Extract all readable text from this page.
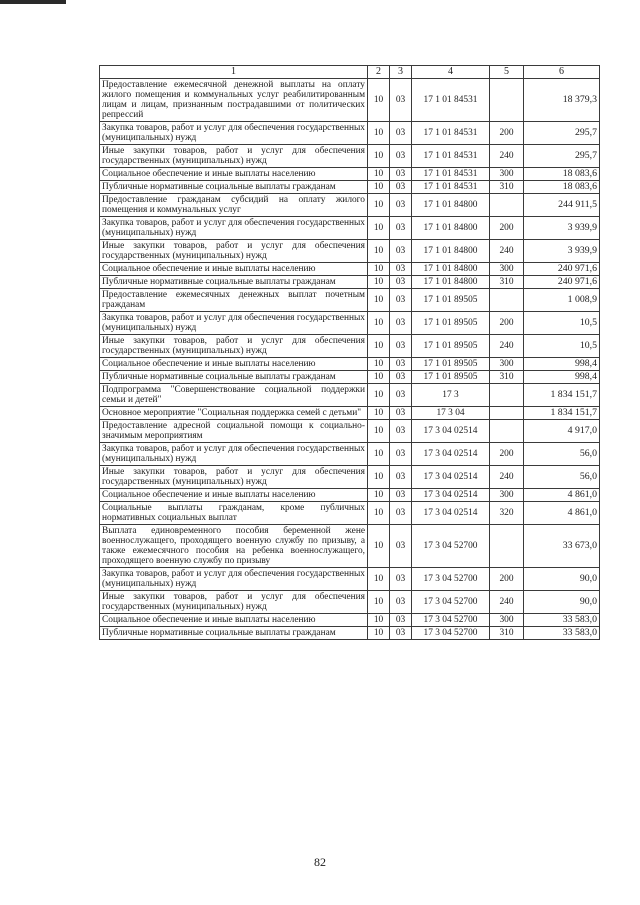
1	2	3	4	5	6
Предоставление ежемесячной денежной выплаты на оплату жилого помещения и коммунальных услуг реабилитированным лицам и лицам, признанным пострадавшими от политических репрессий	10	03	17 1 01 84531		18 379,3
Закупка товаров, работ и услуг для обеспечения государственных (муниципальных) нужд	10	03	17 1 01 84531	200	295,7
Иные закупки товаров, работ и услуг для обеспечения государственных (муниципальных) нужд	10	03	17 1 01 84531	240	295,7
Социальное обеспечение и иные выплаты населению	10	03	17 1 01 84531	300	18 083,6
Публичные нормативные социальные выплаты гражданам	10	03	17 1 01 84531	310	18 083,6
Предоставление гражданам субсидий на оплату жилого помещения и коммунальных услуг	10	03	17 1 01 84800		244 911,5
Закупка товаров, работ и услуг для обеспечения государственных (муниципальных) нужд	10	03	17 1 01 84800	200	3 939,9
Иные закупки товаров, работ и услуг для обеспечения государственных (муниципальных) нужд	10	03	17 1 01 84800	240	3 939,9
Социальное обеспечение и иные выплаты населению	10	03	17 1 01 84800	300	240 971,6
Публичные нормативные социальные выплаты гражданам	10	03	17 1 01 84800	310	240 971,6
Предоставление ежемесячных денежных выплат почетным гражданам	10	03	17 1 01 89505		1 008,9
Закупка товаров, работ и услуг для обеспечения государственных (муниципальных) нужд	10	03	17 1 01 89505	200	10,5
Иные закупки товаров, работ и услуг для обеспечения государственных (муниципальных) нужд	10	03	17 1 01 89505	240	10,5
Социальное обеспечение и иные выплаты населению	10	03	17 1 01 89505	300	998,4
Публичные нормативные социальные выплаты гражданам	10	03	17 1 01 89505	310	998,4
Подпрограмма "Совершенствование социальной поддержки семьи и детей"	10	03	17 3		1 834 151,7
Основное мероприятие "Социальная поддержка семей с детьми"	10	03	17 3 04		1 834 151,7
Предоставление адресной социальной помощи к социально-значимым мероприятиям	10	03	17 3 04 02514		4 917,0
Закупка товаров, работ и услуг для обеспечения государственных (муниципальных) нужд	10	03	17 3 04 02514	200	56,0
Иные закупки товаров, работ и услуг для обеспечения государственных (муниципальных) нужд	10	03	17 3 04 02514	240	56,0
Социальное обеспечение и иные выплаты населению	10	03	17 3 04 02514	300	4 861,0
Социальные выплаты гражданам, кроме публичных нормативных социальных выплат	10	03	17 3 04 02514	320	4 861,0
Выплата единовременного пособия беременной жене военнослужащего, проходящего военную службу по призыву, а также ежемесячного пособия на ребенка военнослужащего, проходящего военную службу по призыву	10	03	17 3 04 52700		33 673,0
Закупка товаров, работ и услуг для обеспечения государственных (муниципальных) нужд	10	03	17 3 04 52700	200	90,0
Иные закупки товаров, работ и услуг для обеспечения государственных (муниципальных) нужд	10	03	17 3 04 52700	240	90,0
Социальное обеспечение и иные выплаты населению	10	03	17 3 04 52700	300	33 583,0
Публичные нормативные социальные выплаты гражданам	10	03	17 3 04 52700	310	33 583,0
82
